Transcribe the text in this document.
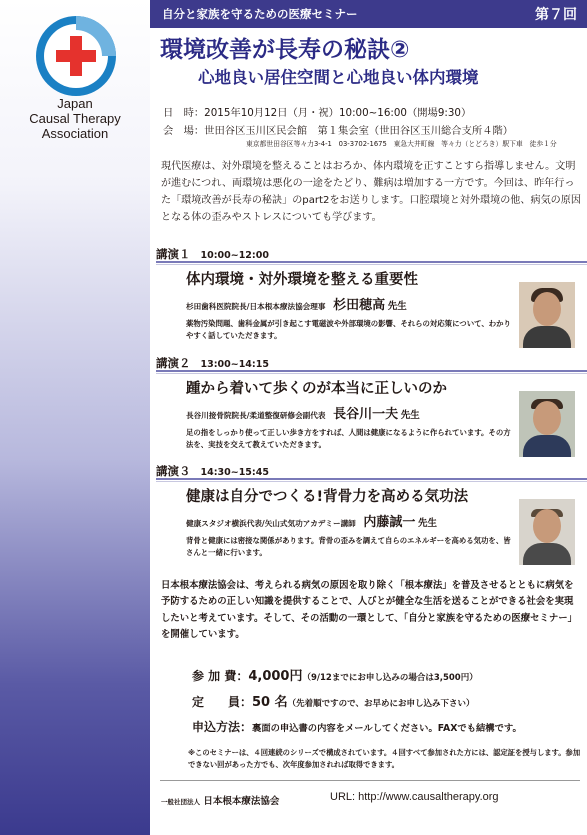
Japan
Causal Therapy
Association
自分と家族を守るための医療セミナー	第７回
環境改善が長寿の秘訣②
心地良い居住空間と心地良い体内環境
日　時：2015年10月12日（月・祝）10:00~16:00（開場9:30）
会　場：世田谷区玉川区民会館　第１集会室（世田谷区玉川総合支所４階）
東京都世田谷区等々力3-4-1　03-3702-1675　東急大井町線　等々力（とどろき）駅下車　徒歩１分
現代医療は、対外環境を整えることはおろか、体内環境を正すことすら指導しません。文明が進むにつれ、両環境は悪化の一途をたどり、難病は増加する一方です。今回は、昨年行った「環境改善が長寿の秘訣」のpart2をお送りします。口腔環境と対外環境の他、病気の原因となる体の歪みやストレスについても学びます。
講演１ 10:00~12:00
体内環境・対外環境を整える重要性
杉田歯科医院院長/日本根本療法協会理事　 杉田穂高 先生
薬物汚染問題、歯科金属が引き起こす電磁波や外部環境の影響、それらの対応策について、わかりやすく話していただきます。
講演２ 13:00~14:15
踵から着いて歩くのが本当に正しいのか
長谷川接骨院院長/柔道整復研修会副代表　 長谷川一夫 先生
足の指をしっかり使って正しい歩き方をすれば、人間は健康になるように作られています。その方法を、実技を交えて教えていただきます。
講演３ 14:30~15:45
健康は自分でつくる!背骨力を高める気功法
健康スタジオ横浜代表/矢山式気功アカデミー講師　 内藤誠一 先生
背骨と健康には密接な関係があります。背骨の歪みを調えて自らのエネルギーを高める気功を、皆さんと一緒に行います。
日本根本療法協会は、考えられる病気の原因を取り除く「根本療法」を普及させるとともに病気を予防するための正しい知識を提供することで、人びとが健全な生活を送ることができる社会を実現したいと考えています。そして、その活動の一環として、「自分と家族を守るための医療セミナー」を開催しています。
参 加 費：4,000円（9/12までにお申し込みの場合は3,500円）
定　　員：50 名（先着順ですので、お早めにお申し込み下さい）
申込方法：裏面の申込書の内容をメールしてください。FAXでも結構です。
※このセミナーは、４回連続のシリーズで構成されています。４回すべて参加された方には、認定証を授与します。参加できない回があった方でも、次年度参加されれば取得できます。
一般社団法人 日本根本療法協会	URL: http://www.causaltherapy.org
